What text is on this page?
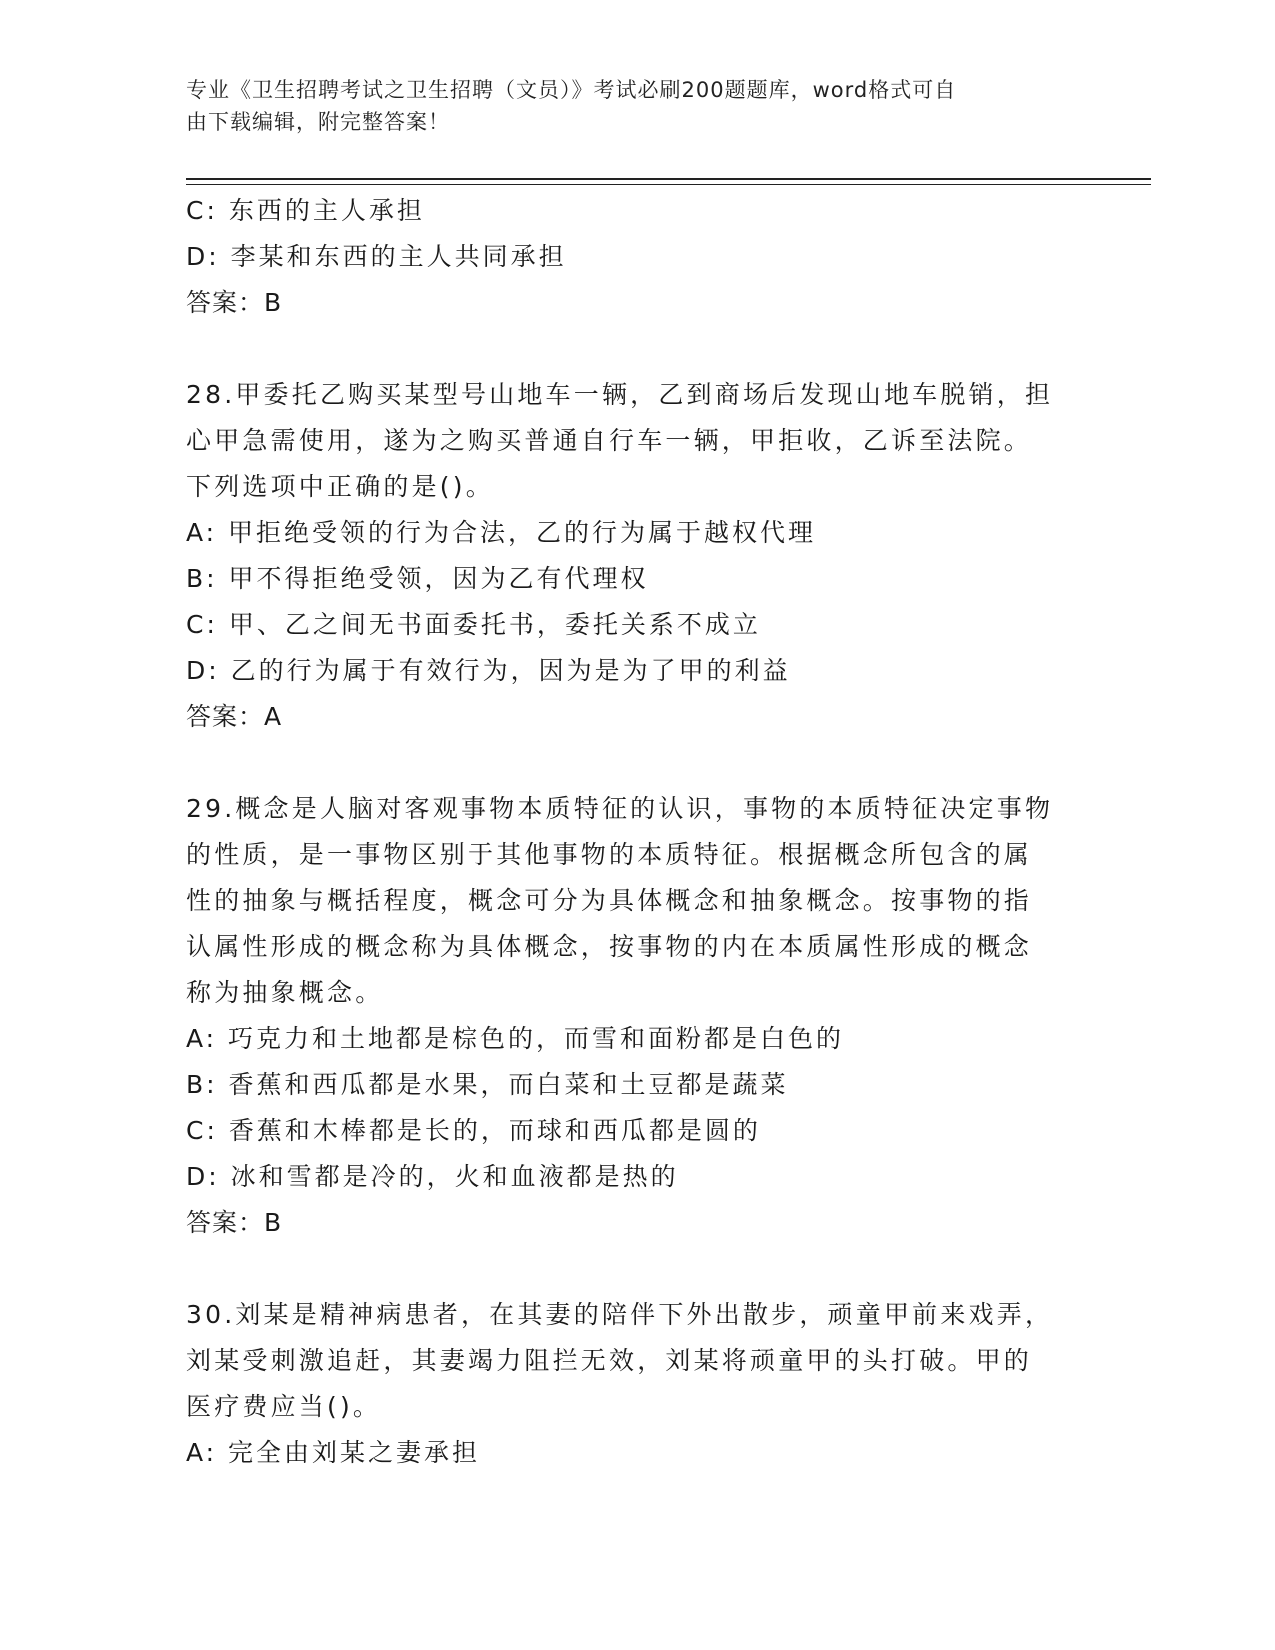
专业《卫生招聘考试之卫生招聘（文员）》考试必刷200题题库，word格式可自
由下载编辑，附完整答案！
C: 东西的主人承担
D: 李某和东西的主人共同承担
答案：B
28.甲委托乙购买某型号山地车一辆，乙到商场后发现山地车脱销，担
心甲急需使用，遂为之购买普通自行车一辆，甲拒收，乙诉至法院。
下列选项中正确的是()。
A: 甲拒绝受领的行为合法，乙的行为属于越权代理
B: 甲不得拒绝受领，因为乙有代理权
C: 甲、乙之间无书面委托书，委托关系不成立
D: 乙的行为属于有效行为，因为是为了甲的利益
答案：A
29.概念是人脑对客观事物本质特征的认识，事物的本质特征决定事物
的性质，是一事物区别于其他事物的本质特征。根据概念所包含的属
性的抽象与概括程度，概念可分为具体概念和抽象概念。按事物的指
认属性形成的概念称为具体概念，按事物的内在本质属性形成的概念
称为抽象概念。
A: 巧克力和土地都是棕色的，而雪和面粉都是白色的
B: 香蕉和西瓜都是水果，而白菜和土豆都是蔬菜
C: 香蕉和木棒都是长的，而球和西瓜都是圆的
D: 冰和雪都是冷的，火和血液都是热的
答案：B
30.刘某是精神病患者，在其妻的陪伴下外出散步，顽童甲前来戏弄，
刘某受刺激追赶，其妻竭力阻拦无效，刘某将顽童甲的头打破。甲的
医疗费应当()。
A: 完全由刘某之妻承担
